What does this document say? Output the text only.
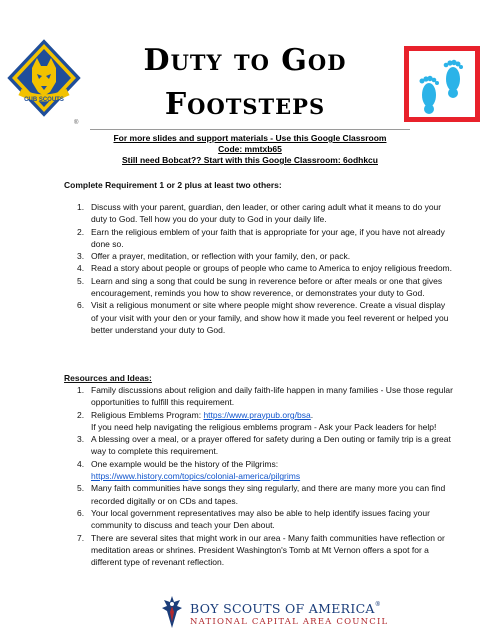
CUB SCOUTS
®
Duty to God
Footsteps
For more slides and support materials - Use this Google Classroom
Code: mmtxb65
Still need Bobcat?? Start with this Google Classroom: 6odhkcu
Complete Requirement 1 or 2 plus at least two others:
1. Discuss with your parent, guardian, den leader, or other caring adult what it means to do your duty to God. Tell how you do your duty to God in your daily life.
2. Earn the religious emblem of your faith that is appropriate for your age, if you have not already done so.
3. Offer a prayer, meditation, or reflection with your family, den, or pack.
4. Read a story about people or groups of people who came to America to enjoy religious freedom.
5. Learn and sing a song that could be sung in reverence before or after meals or one that gives encouragement, reminds you how to show reverence, or demonstrates your duty to God.
6. Visit a religious monument or site where people might show reverence. Create a visual display of your visit with your den or your family, and show how it made you feel reverent or helped you better understand your duty to God.
Resources and Ideas:
1. Family discussions about religion and daily faith-life happen in many families - Use those regular opportunities to fulfill this requirement.
2. Religious Emblems Program: https://www.praypub.org/bsa.
If you need help navigating the religious emblems program - Ask your Pack leaders for help!
3. A blessing over a meal, or a prayer offered for safety during a Den outing or family trip is a great way to complete this requirement.
4. One example would be the history of the Pilgrims:
https://www.history.com/topics/colonial-america/pilgrims
5. Many faith communities have songs they sing regularly, and there are many more you can find recorded digitally or on CDs and tapes.
6. Your local government representatives may also be able to help identify issues facing your community to discuss and teach your Den about.
7. There are several sites that might work in our area - Many faith communities have reflection or meditation areas or shrines. President Washington's Tomb at Mt Vernon offers a spot for a different type of revenant reflection.
BOY SCOUTS OF AMERICA®
NATIONAL CAPITAL AREA COUNCIL
